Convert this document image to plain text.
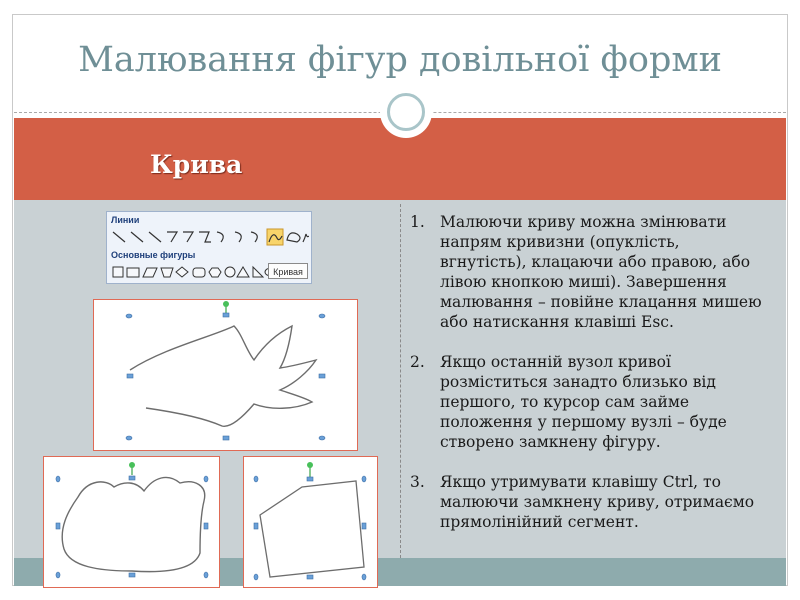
Малювання фігур довільної форми
Крива
Линии
Основные фигуры
Кривая
1. Малюючи криву можна змінювати напрям кривизни (опуклість, вгнутість), клацаючи або правою, або лівою кнопкою миші). Завершення малювання – повійне клацання мишею або натискання клавіші Esc.
2. Якщо останній вузол кривої розміститься занадто близько від першого, то курсор сам займе положення у першому вузлі – буде створено замкнену фігуру.
3. Якщо утримувати клавішу Ctrl, то малюючи замкнену криву, отримаємо прямолінійний сегмент.
